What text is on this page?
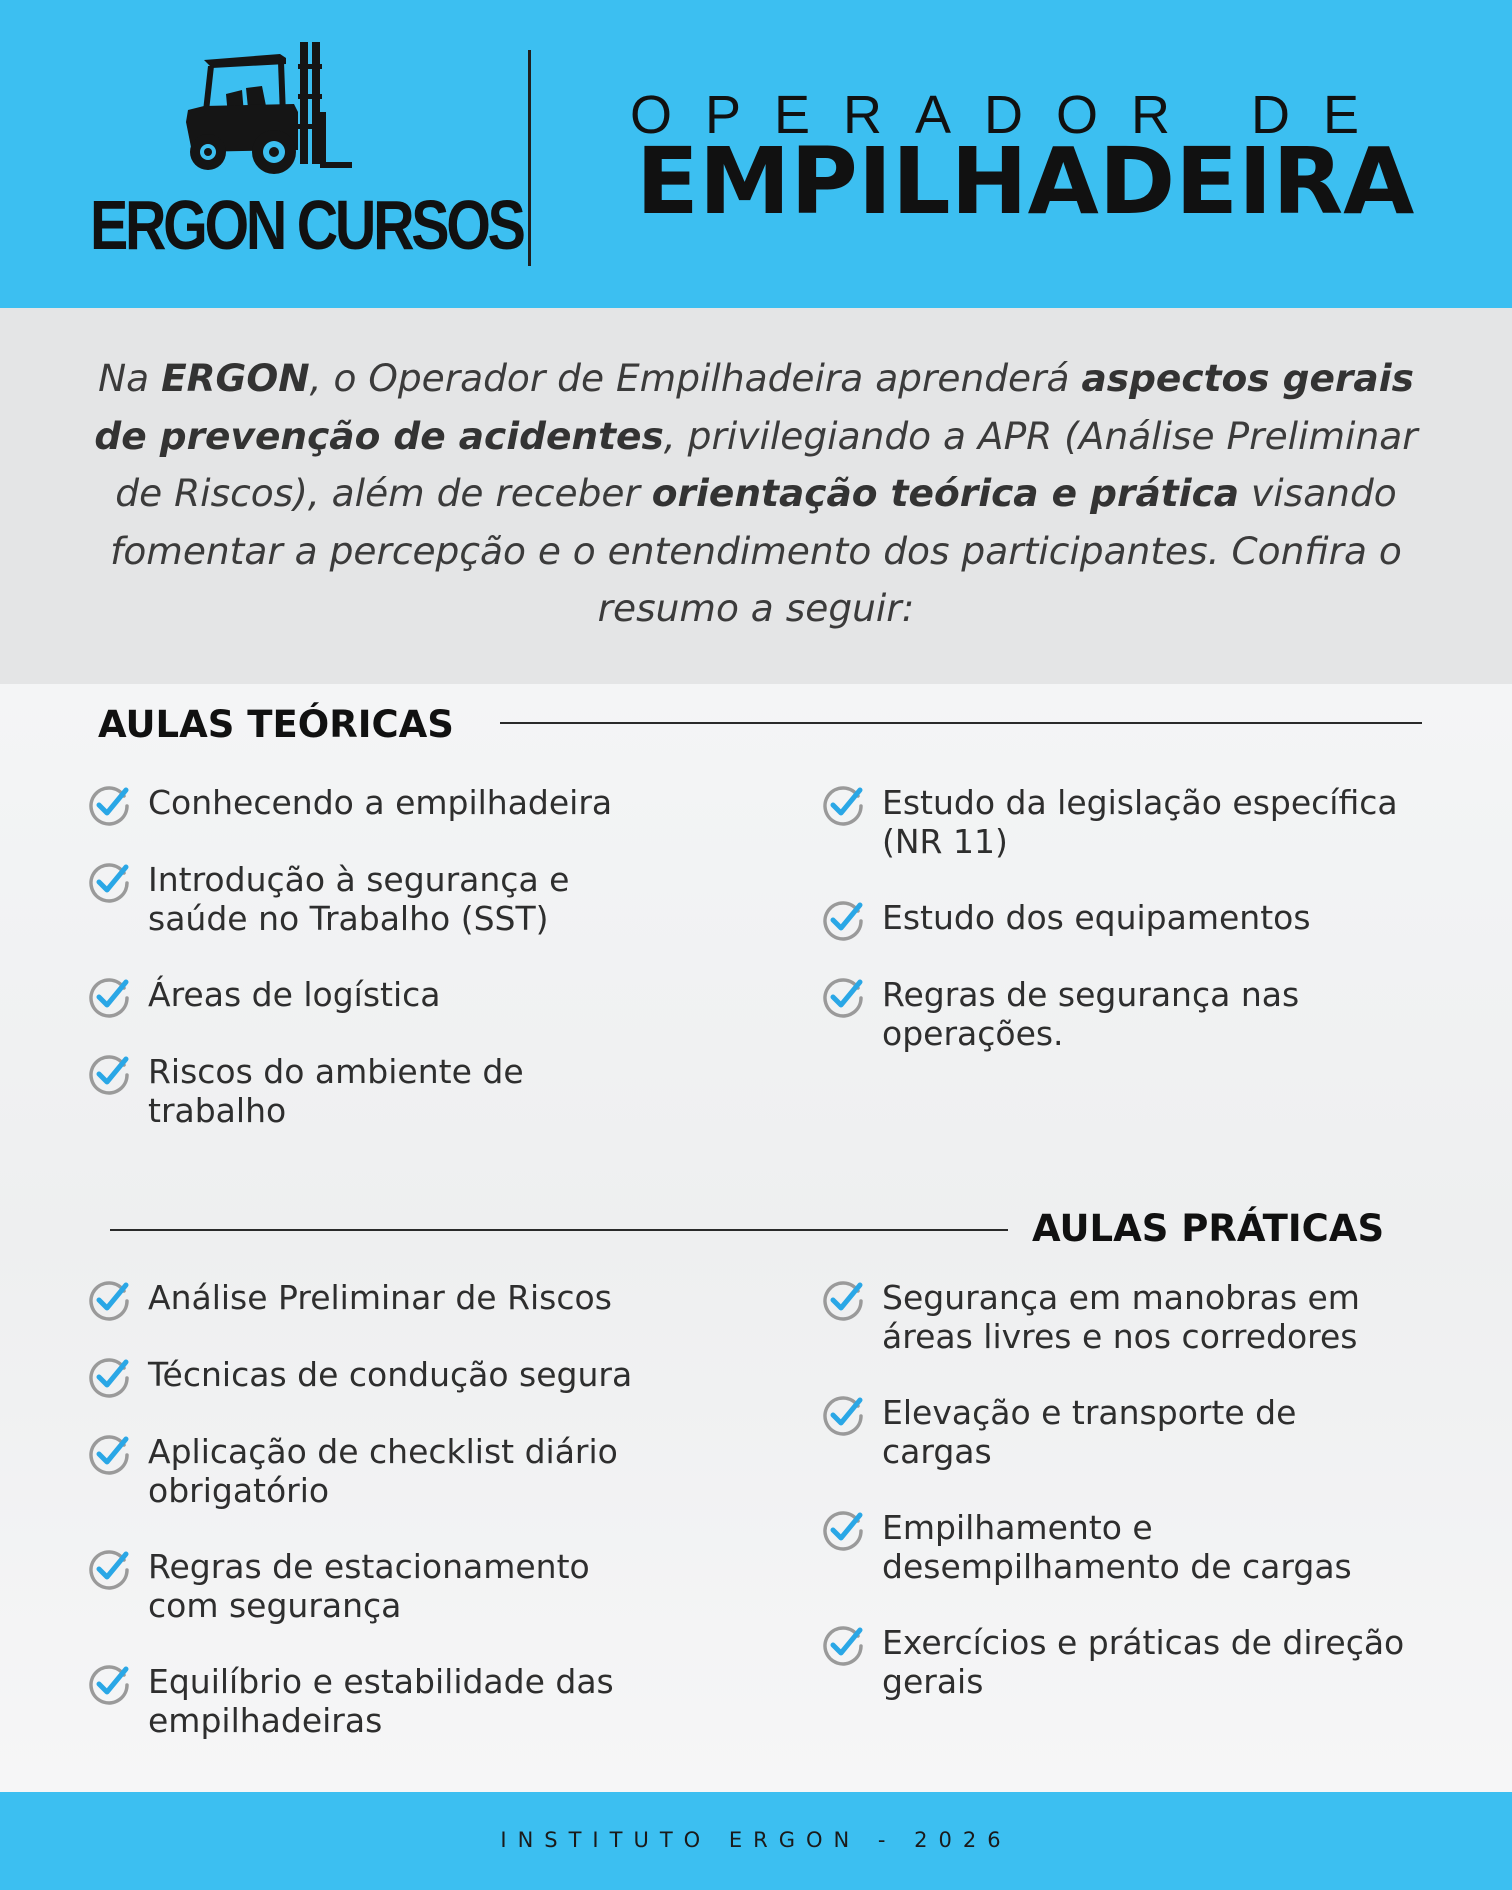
ERGON CURSOS
OPERADOR DE
EMPILHADEIRA
Na ERGON, o Operador de Empilhadeira aprenderá aspectos gerais de prevenção de acidentes, privilegiando a APR (Análise Preliminar de Riscos), além de receber orientação teórica e prática visando fomentar a percepção e o entendimento dos participantes. Confira o resumo a seguir:
AULAS TEÓRICAS
Conhecendo a empilhadeira
Introdução à segurança e saúde no Trabalho (SST)
Áreas de logística
Riscos do ambiente de trabalho
Estudo da legislação específica (NR 11)
Estudo dos equipamentos
Regras de segurança nas operações.
AULAS PRÁTICAS
Análise Preliminar de Riscos
Técnicas de condução segura
Aplicação de checklist diário obrigatório
Regras de estacionamento com segurança
Equilíbrio e estabilidade das empilhadeiras
Segurança em manobras em áreas livres e nos corredores
Elevação e transporte de cargas
Empilhamento e desempilhamento de cargas
Exercícios e práticas de direção gerais
INSTITUTO ERGON - 2026
